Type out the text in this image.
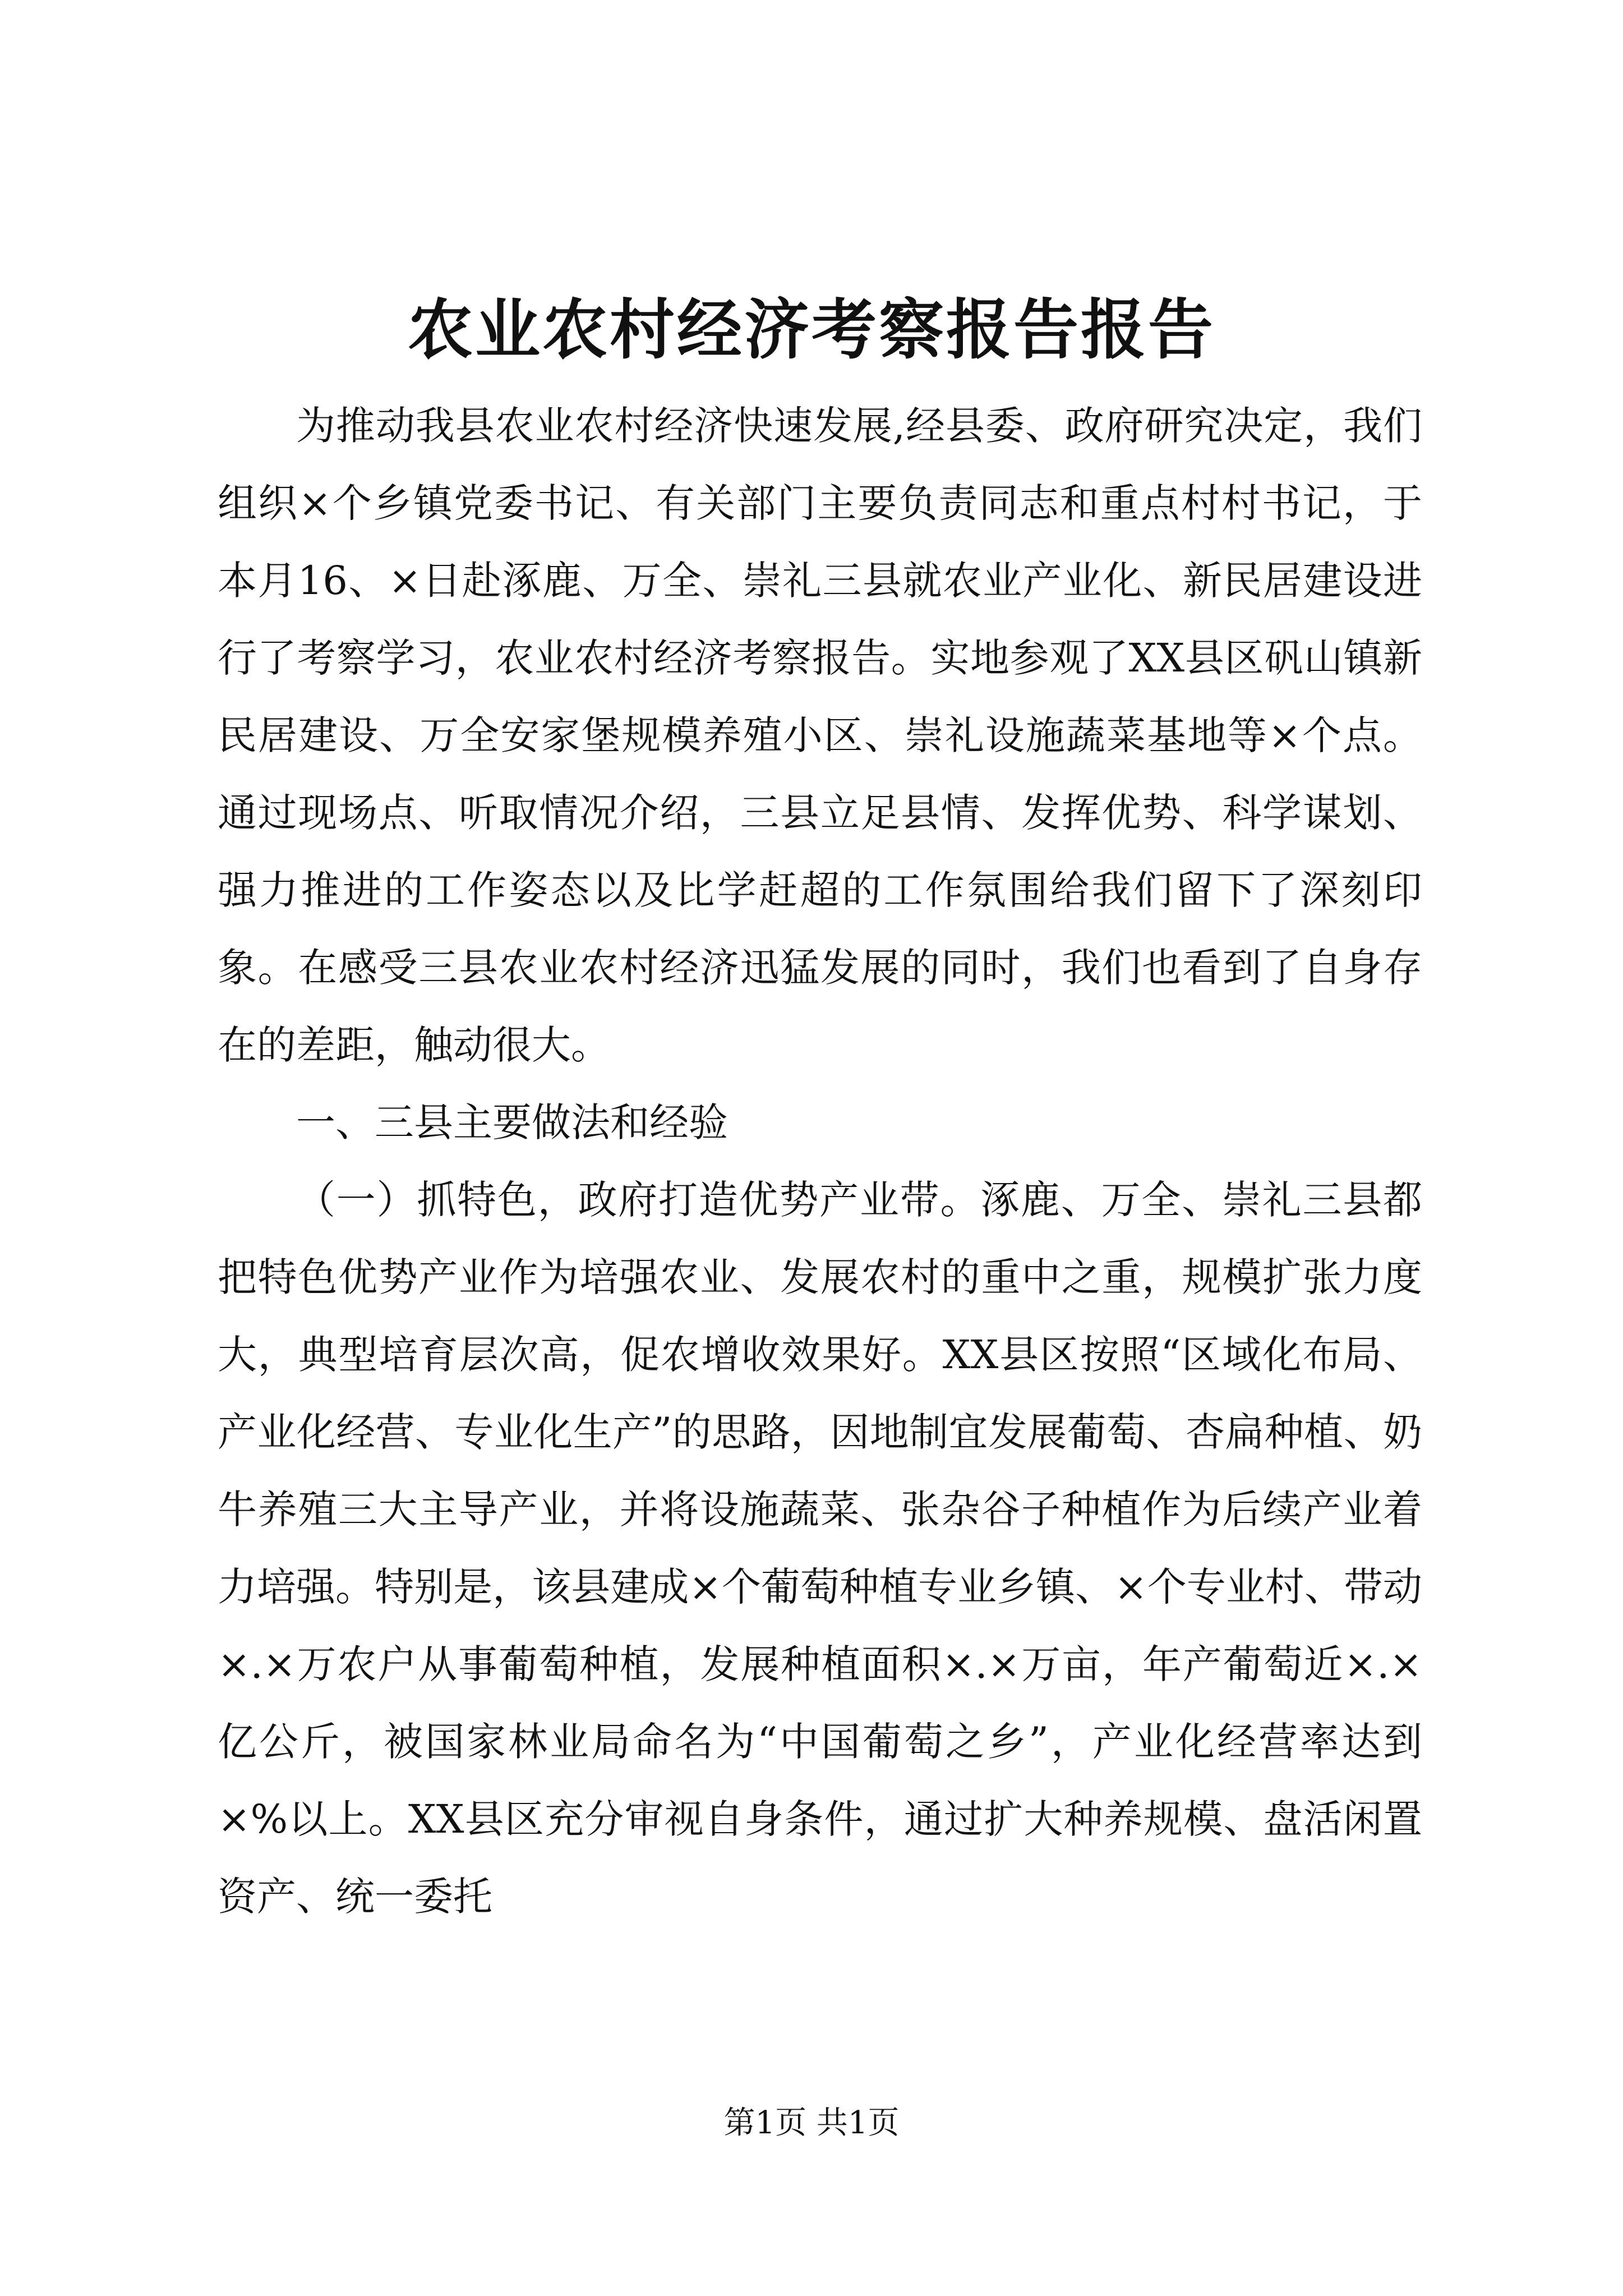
农业农村经济考察报告报告

为推动我县农业农村经济快速发展,经县委、政府研究决定，我们组织×个乡镇党委书记、有关部门主要负责同志和重点村村书记，于本月16、×日赴涿鹿、万全、崇礼三县就农业产业化、新民居建设进行了考察学习，农业农村经济考察报告。实地参观了XX县区矾山镇新民居建设、万全安家堡规模养殖小区、崇礼设施蔬菜基地等×个点。通过现场点、听取情况介绍，三县立足县情、发挥优势、科学谋划、强力推进的工作姿态以及比学赶超的工作氛围给我们留下了深刻印象。在感受三县农业农村经济迅猛发展的同时，我们也看到了自身存在的差距，触动很大。

一、三县主要做法和经验

（一）抓特色，政府打造优势产业带。涿鹿、万全、崇礼三县都把特色优势产业作为培强农业、发展农村的重中之重，规模扩张力度大，典型培育层次高，促农增收效果好。XX县区按照“区域化布局、产业化经营、专业化生产”的思路，因地制宜发展葡萄、杏扁种植、奶牛养殖三大主导产业，并将设施蔬菜、张杂谷子种植作为后续产业着力培强。特别是，该县建成×个葡萄种植专业乡镇、×个专业村、带动×.×万农户从事葡萄种植，发展种植面积×.×万亩，年产葡萄近×.×亿公斤，被国家林业局命名为“中国葡萄之乡”，产业化经营率达到×%以上。XX县区充分审视自身条件，通过扩大种养规模、盘活闲置资产、统一委托

第1页 共1页
